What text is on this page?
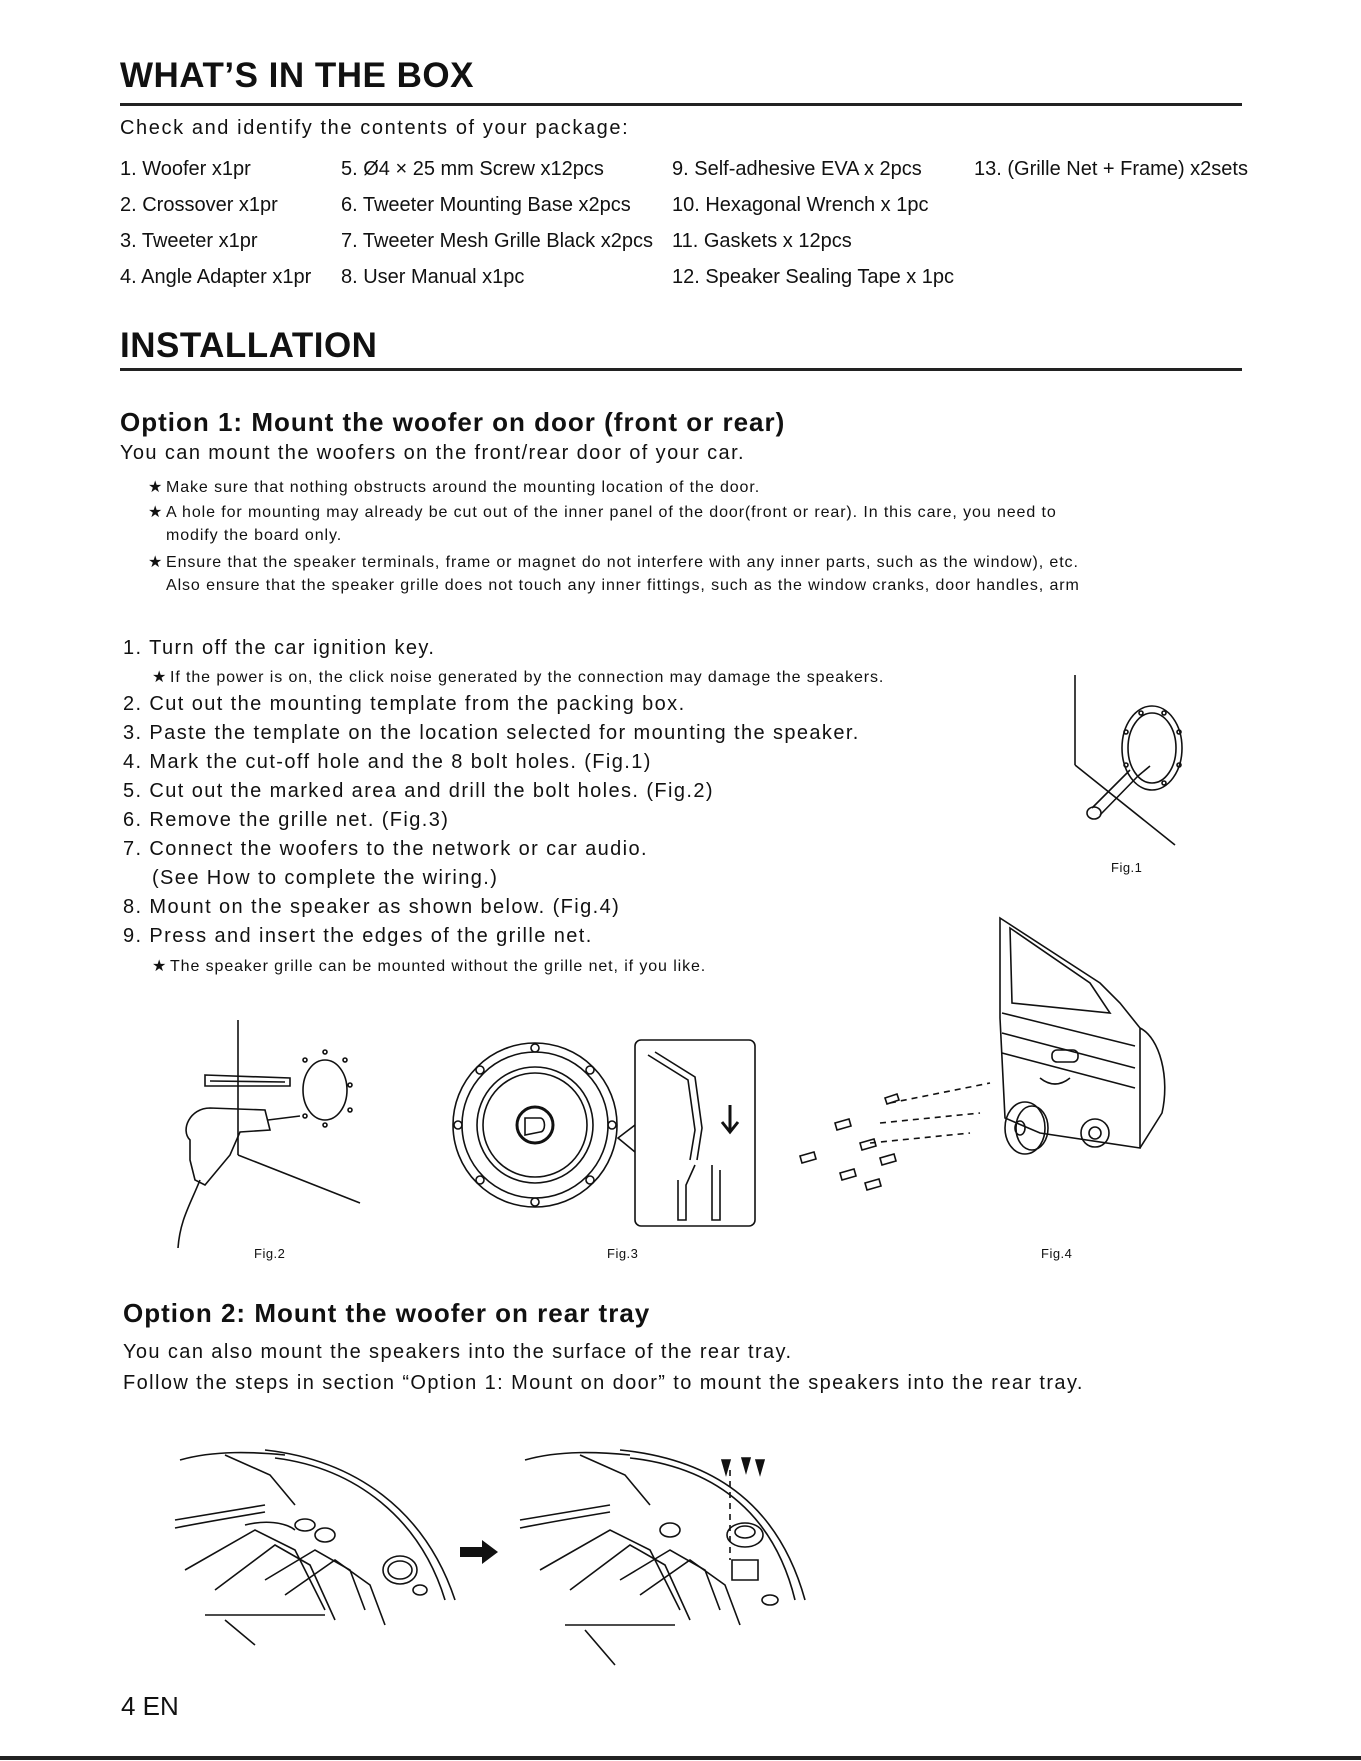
WHAT’S IN THE BOX
Check and identify the contents of your package:
1. Woofer x1pr
2. Crossover x1pr
3. Tweeter x1pr
4. Angle Adapter x1pr
5. Ø4 × 25 mm Screw x12pcs
6. Tweeter Mounting Base x2pcs
7. Tweeter Mesh Grille Black x2pcs
8. User Manual x1pc
9. Self-adhesive EVA x 2pcs
10. Hexagonal Wrench x 1pc
11. Gaskets x 12pcs
12. Speaker Sealing Tape x 1pc
13. (Grille Net + Frame) x2sets
INSTALLATION
Option 1: Mount the woofer on door (front or rear)
You can mount the woofers on the front/rear door of your car.
★ Make sure that nothing obstructs around the mounting location of the door.
★ A hole for mounting may already be cut out of the inner panel of the door(front or rear). In this care, you need to
modify the board only.
★ Ensure that the speaker terminals, frame or magnet do not interfere with any inner parts, such as the window), etc.
Also ensure that the speaker grille does not touch any inner fittings, such as the window cranks, door handles, arm
1. Turn off the car ignition key.
★ If the power is on, the click noise generated by the connection may damage the speakers.
2. Cut out the mounting template from the packing box.
3. Paste the template on the location selected for mounting the speaker.
4. Mark the cut-off hole and the 8 bolt holes. (Fig.1)
5. Cut out the marked area and drill the bolt holes. (Fig.2)
6. Remove the grille net. (Fig.3)
7. Connect the woofers to the network or car audio.
(See How to complete the wiring.)
8. Mount on the speaker as shown below. (Fig.4)
9. Press and insert the edges of the grille net.
★ The speaker grille can be mounted without the grille net, if you like.
Fig.1
Fig.2	Fig.3	Fig.4
Option 2: Mount the woofer on rear tray
You can also mount the speakers into the surface of the rear tray.
Follow the steps in section “Option 1: Mount on door” to mount the speakers into the rear tray.
4 EN
